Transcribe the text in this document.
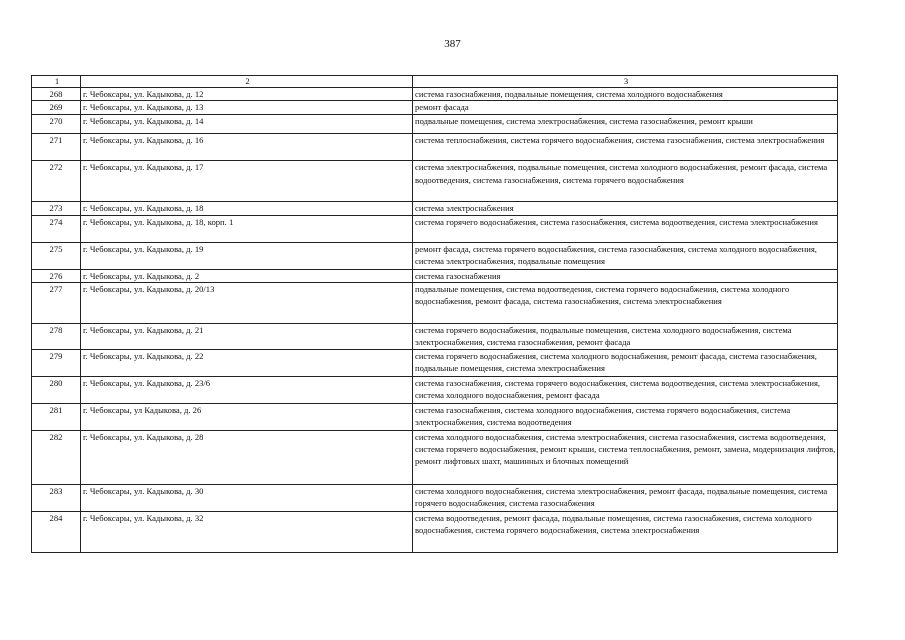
387
1	2	3
268	г. Чебоксары, ул. Кадыкова, д. 12	система газоснабжения, подвальные помещения, система холодного водоснабжения
269	г. Чебоксары, ул. Кадыкова, д. 13	ремонт фасада
270	г. Чебоксары, ул. Кадыкова, д. 14	подвальные помещения, система электроснабжения, система газоснабжения, ремонт крыши
271	г. Чебоксары, ул. Кадыкова, д. 16	система теплоснабжения, система горячего водоснабжения, система газоснабжения, система электроснабжения
272	г. Чебоксары, ул. Кадыкова, д. 17	система электроснабжения, подвальные помещения, система холодного водоснабжения, ремонт фасада, система водоотведения, система газоснабжения, система горячего водоснабжения
273	г. Чебоксары, ул. Кадыкова, д. 18	система электроснабжения
274	г. Чебоксары, ул. Кадыкова, д. 18, корп. 1	система горячего водоснабжения, система газоснабжения, система водоотведения, система электроснабжения
275	г. Чебоксары, ул. Кадыкова, д. 19	ремонт фасада, система горячего водоснабжения, система газоснабжения, система холодного водоснабжения, система электроснабжения, подвальные помещения
276	г. Чебоксары, ул. Кадыкова, д. 2	система газоснабжения
277	г. Чебоксары, ул. Кадыкова, д. 20/13	подвальные помещения, система водоотведения, система горячего водоснабжения, система холодного водоснабжения, ремонт фасада, система газоснабжения, система электроснабжения
278	г. Чебоксары, ул. Кадыкова, д. 21	система горячего водоснабжения, подвальные помещения, система холодного водоснабжения, система электроснабжения, система газоснабжения, ремонт фасада
279	г. Чебоксары, ул. Кадыкова, д. 22	система горячего водоснабжения, система холодного водоснабжения, ремонт фасада, система газоснабжения, подвальные помещения, система электроснабжения
280	г. Чебоксары, ул. Кадыкова, д. 23/6	система газоснабжения, система горячего водоснабжения, система водоотведения, система электроснабжения, система холодного водоснабжения, ремонт фасада
281	г. Чебоксары, ул Кадыкова, д. 26	система газоснабжения, система холодного водоснабжения, система горячего водоснабжения, система электроснабжения, система водоотведения
282	г. Чебоксары, ул. Кадыкова, д. 28	система холодного водоснабжения, система электроснабжения, система газоснабжения, система водоотведения, система горячего водоснабжения, ремонт крыши, система теплоснабжения, ремонт, замена, модернизация лифтов, ремонт лифтовых шахт, машинных и блочных помещений
283	г. Чебоксары, ул. Кадыкова, д. 30	система холодного водоснабжения, система электроснабжения, ремонт фасада, подвальные помещения, система горячего водоснабжения, система газоснабжения
284	г. Чебоксары, ул. Кадыкова, д. 32	система водоотведения, ремонт фасада, подвальные помещения, система газоснабжения, система холодного водоснабжения, система горячего водоснабжения, система электроснабжения
